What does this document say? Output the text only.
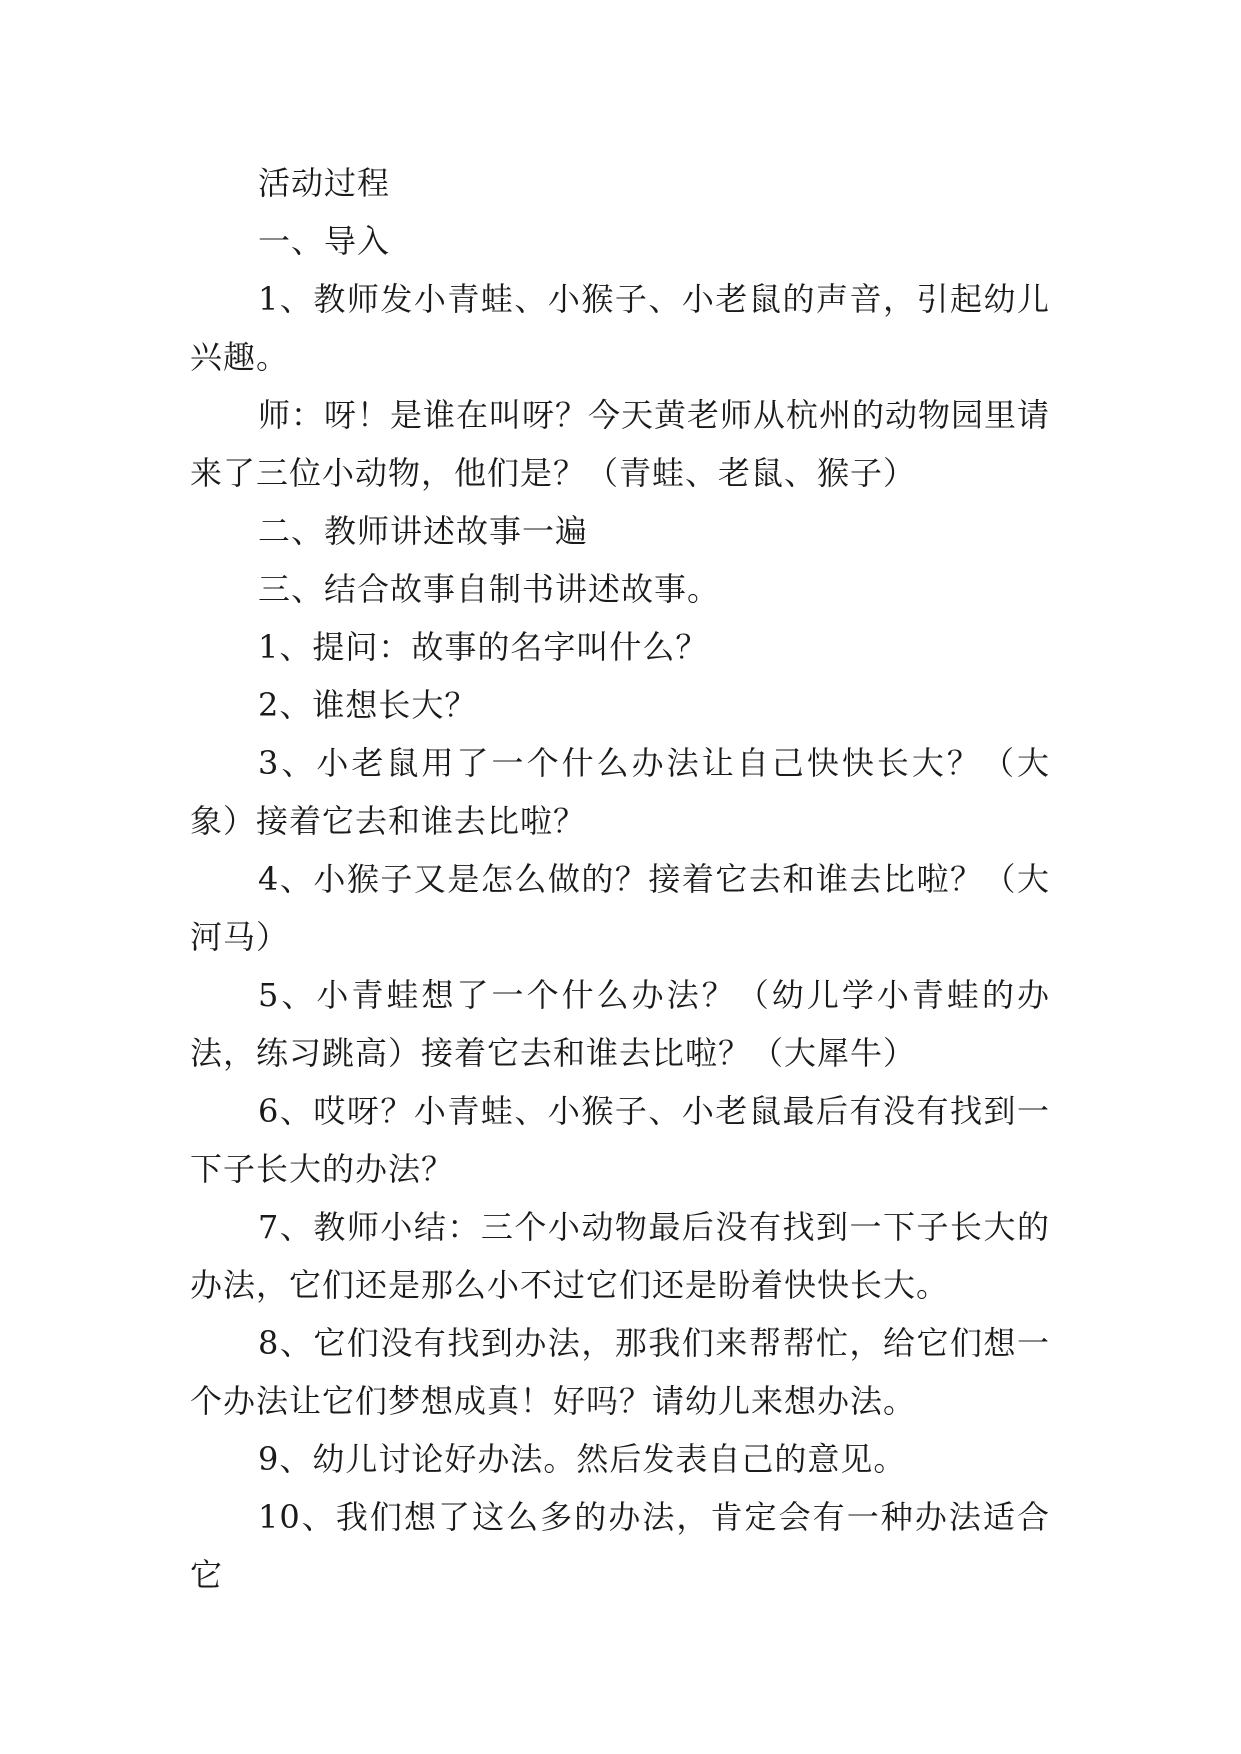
活动过程

一、导入

1、教师发小青蛙、小猴子、小老鼠的声音，引起幼儿兴趣。

师：呀！是谁在叫呀？今天黄老师从杭州的动物园里请来了三位小动物，他们是？（青蛙、老鼠、猴子）

二、教师讲述故事一遍

三、结合故事自制书讲述故事。

1、提问：故事的名字叫什么？

2、谁想长大？

3、小老鼠用了一个什么办法让自己快快长大？（大象）接着它去和谁去比啦？

4、小猴子又是怎么做的？接着它去和谁去比啦？（大河马）

5、小青蛙想了一个什么办法？（幼儿学小青蛙的办法，练习跳高）接着它去和谁去比啦？（大犀牛）

6、哎呀？小青蛙、小猴子、小老鼠最后有没有找到一下子长大的办法？

7、教师小结：三个小动物最后没有找到一下子长大的办法，它们还是那么小不过它们还是盼着快快长大。

8、它们没有找到办法，那我们来帮帮忙，给它们想一个办法让它们梦想成真！好吗？请幼儿来想办法。

9、幼儿讨论好办法。然后发表自己的意见。

10、我们想了这么多的办法，肯定会有一种办法适合它
